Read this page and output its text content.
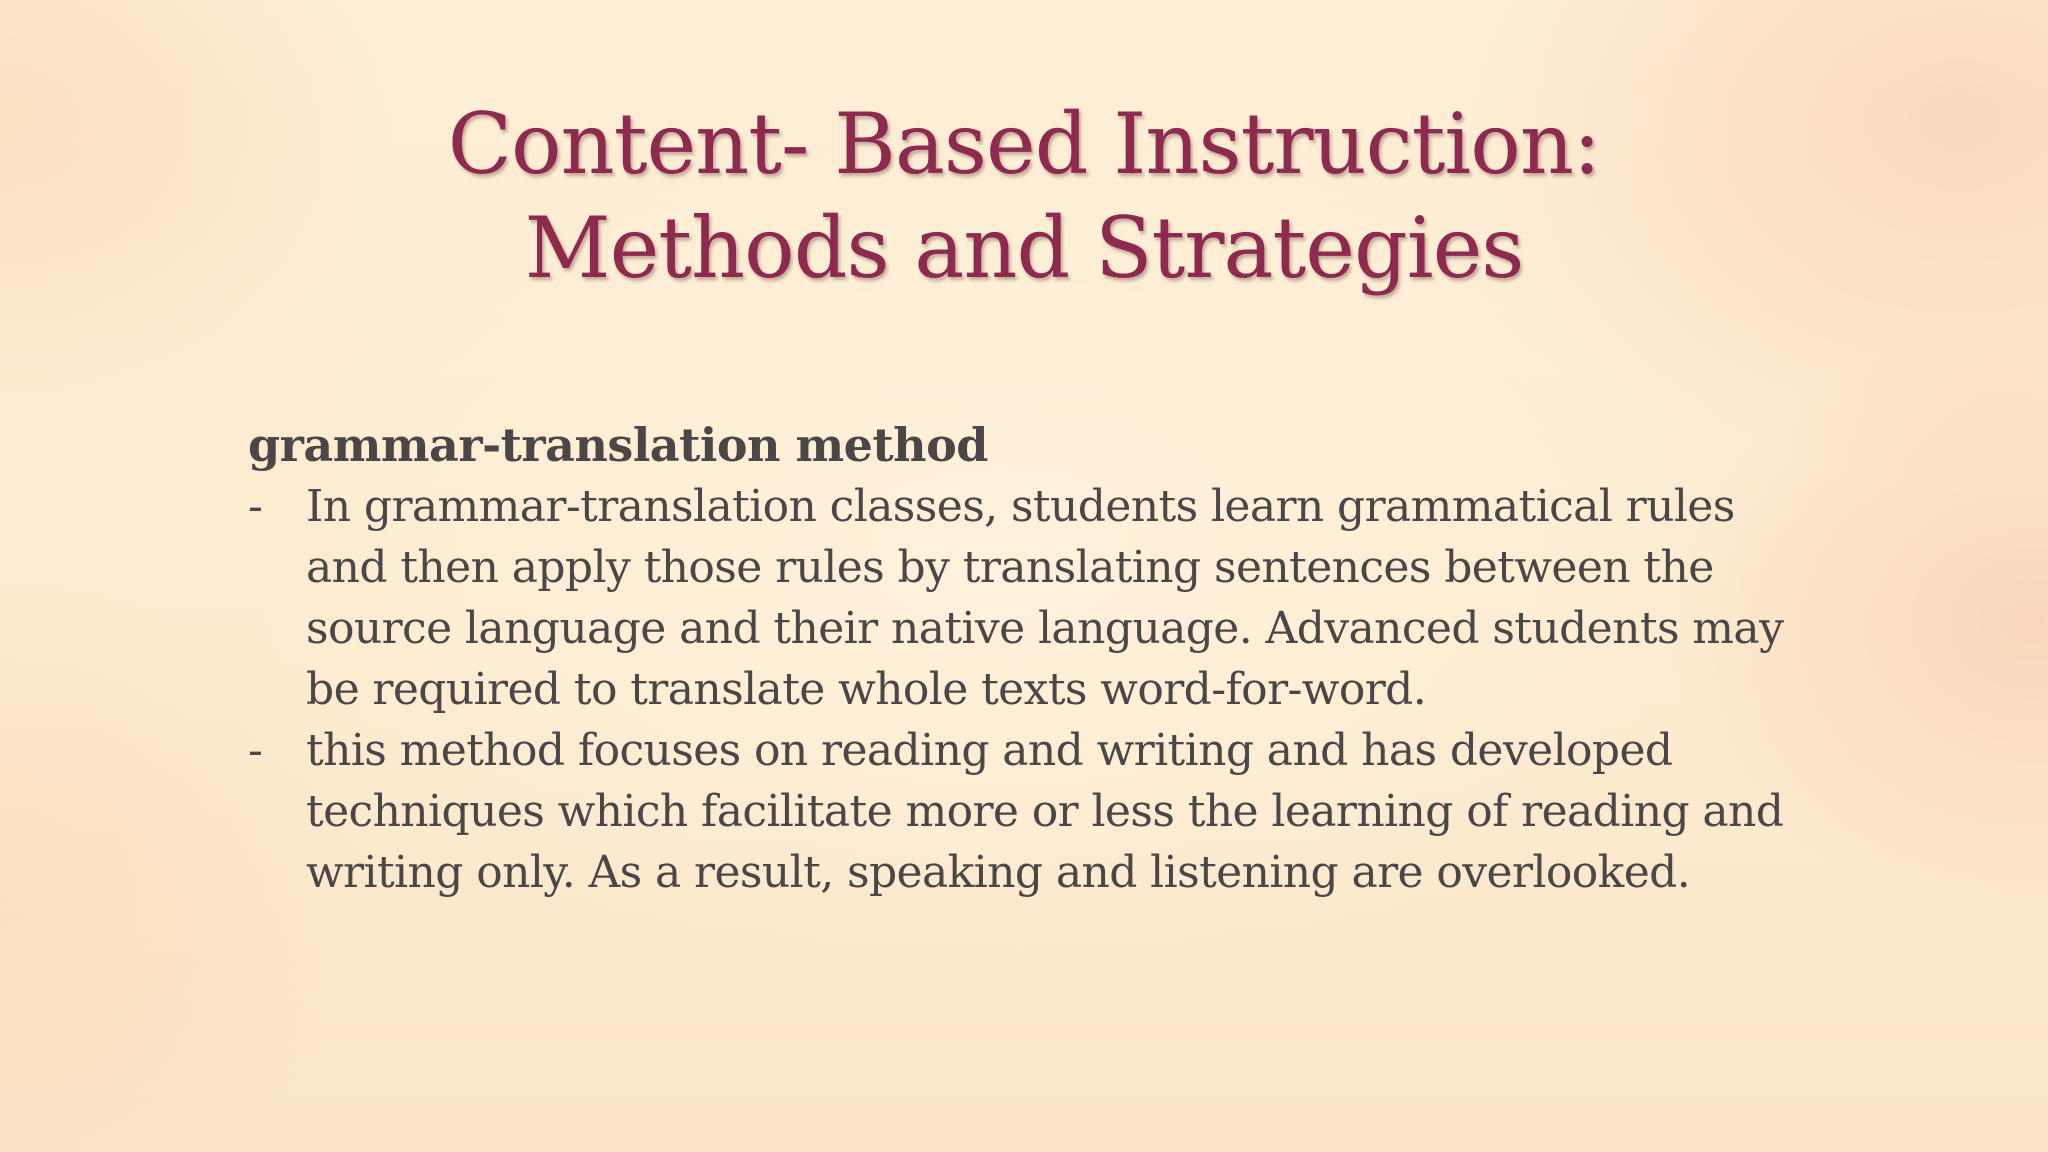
Content- Based Instruction:
Methods and Strategies
grammar-translation method
- In grammar-translation classes, students learn grammatical rules and then apply those rules by translating sentences between the source language and their native language. Advanced students may be required to translate whole texts word-for-word.
- this method focuses on reading and writing and has developed techniques which facilitate more or less the learning of reading and writing only. As a result, speaking and listening are overlooked.
